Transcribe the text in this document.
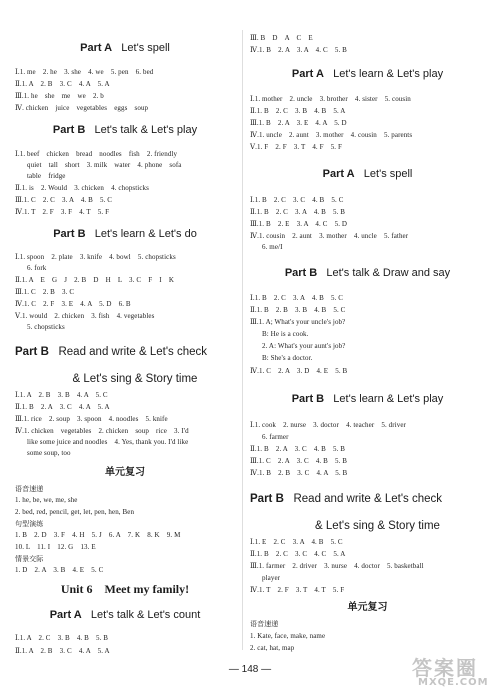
Part A Let's spell
Ⅰ.1. me　2. he　3. she　4. we　5. pen　6. bed
Ⅱ.1. A　2. B　3. C　4. A　5. A
Ⅲ.1. he　she　me　we　2. b
Ⅳ. chicken　juice　vegetables　eggs　soup
Part B Let's talk & Let's play
Ⅰ.1. beef　chicken　bread　noodles　fish　2. friendly
quiet　tall　short　3. milk　water　4. phone　sofa
table　fridge
Ⅱ.1. is　2. Would　3. chicken　4. chopsticks
Ⅲ.1. C　2. C　3. A　4. B　5. C
Ⅳ.1. T　2. F　3. F　4. T　5. F
Part B Let's learn & Let's do
Ⅰ.1. spoon　2. plate　3. knife　4. bowl　5. chopsticks
6. fork
Ⅱ.1. A　E　G　J　2. B　D　H　L　3. C　F　I　K
Ⅲ.1. C　2. B　3. C
Ⅳ.1. C　2. F　3. E　4. A　5. D　6. B
Ⅴ.1. would　2. chicken　3. fish　4. vegetables
5. chopsticks
Part B Read and write & Let's check
& Let's sing & Story time
Ⅰ.1. A　2. B　3. B　4. A　5. C
Ⅱ.1. B　2. A　3. C　4. A　5. A
Ⅲ.1. rice　2. soup　3. spoon　4. noodles　5. knife
Ⅳ.1. chicken　vegetables　2. chicken　soup　rice　3. I'd
like some juice and noodles　4. Yes, thank you. I'd like
some soup, too
单元复习
语音速递
1. he, be, we, me, she
2. bed, red, pencil, get, let, pen, hen, Ben
句型演练
1. B　2. D　3. F　4. H　5. J　6. A　7. K　8. K　9. M
10. L　11. I　12. G　13. E
情景交际
1. D　2. A　3. B　4. E　5. C
Unit 6　Meet my family!
Part A Let's talk & Let's count
Ⅰ.1. A　2. C　3. B　4. B　5. B
Ⅱ.1. A　2. B　3. C　4. A　5. A
Ⅲ. B　D　A　C　E
Ⅳ.1. B　2. A　3. A　4. C　5. B
Part A Let's learn & Let's play
Ⅰ.1. mother　2. uncle　3. brother　4. sister　5. cousin
Ⅱ.1. B　2. C　3. B　4. B　5. A
Ⅲ.1. B　2. A　3. E　4. A　5. D
Ⅳ.1. uncle　2. aunt　3. mother　4. cousin　5. parents
Ⅴ.1. F　2. F　3. T　4. F　5. F
Part A Let's spell
Ⅰ.1. B　2. C　3. C　4. B　5. C
Ⅱ.1. B　2. C　3. A　4. B　5. B
Ⅲ.1. B　2. E　3. A　4. C　5. D
Ⅳ.1. cousin　2. aunt　3. mother　4. uncle　5. father
6. me/I
Part B Let's talk & Draw and say
Ⅰ.1. B　2. C　3. A　4. B　5. C
Ⅱ.1. B　2. B　3. B　4. B　5. C
Ⅲ.1. A; What's your uncle's job?
B: He is a cook.
2. A: What's your aunt's job?
B: She's a doctor.
Ⅳ.1. C　2. A　3. D　4. E　5. B
Part B Let's learn & Let's play
Ⅰ.1. cook　2. nurse　3. doctor　4. teacher　5. driver
6. farmer
Ⅱ.1. B　2. A　3. C　4. B　5. B
Ⅲ.1. C　2. A　3. C　4. B　5. B
Ⅳ.1. B　2. B　3. C　4. A　5. B
Part B Read and write & Let's check
& Let's sing & Story time
Ⅰ.1. E　2. C　3. A　4. B　5. C
Ⅱ.1. B　2. C　3. C　4. C　5. A
Ⅲ.1. farmer　2. driver　3. nurse　4. doctor　5. basketball
player
Ⅳ.1. T　2. F　3. T　4. T　5. F
单元复习
语音速递
1. Kate, face, make, name
2. cat, hat, map
— 148 —	答案圈
MXQE.COM
